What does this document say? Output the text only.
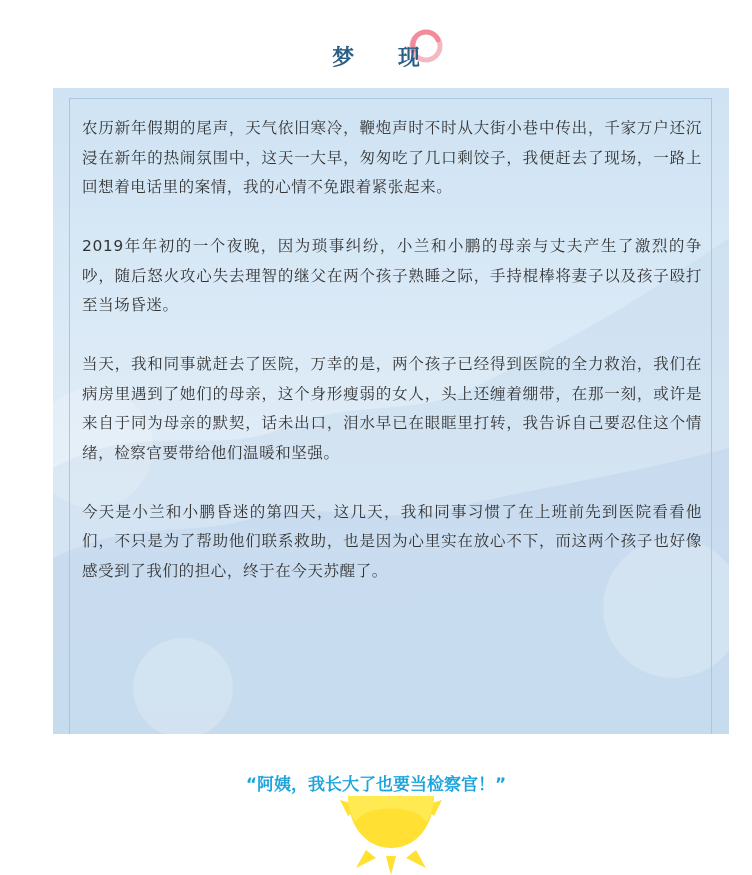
梦 现

农历新年假期的尾声，天气依旧寒冷，鞭炮声时不时从大街小巷中传出，千家万户还沉浸在新年的热闹氛围中，这天一大早，匆匆吃了几口剩饺子，我便赶去了现场，一路上回想着电话里的案情，我的心情不免跟着紧张起来。

2019年年初的一个夜晚，因为琐事纠纷，小兰和小鹏的母亲与丈夫产生了激烈的争吵，随后怒火攻心失去理智的继父在两个孩子熟睡之际，手持棍棒将妻子以及孩子殴打至当场昏迷。

当天，我和同事就赶去了医院，万幸的是，两个孩子已经得到医院的全力救治，我们在病房里遇到了她们的母亲，这个身形瘦弱的女人，头上还缠着绷带，在那一刻，或许是来自于同为母亲的默契，话未出口，泪水早已在眼眶里打转，我告诉自己要忍住这个情绪，检察官要带给他们温暖和坚强。

今天是小兰和小鹏昏迷的第四天，这几天，我和同事习惯了在上班前先到医院看看他们，不只是为了帮助他们联系救助，也是因为心里实在放心不下，而这两个孩子也好像感受到了我们的担心，终于在今天苏醒了。

“阿姨，我长大了也要当检察官！”
